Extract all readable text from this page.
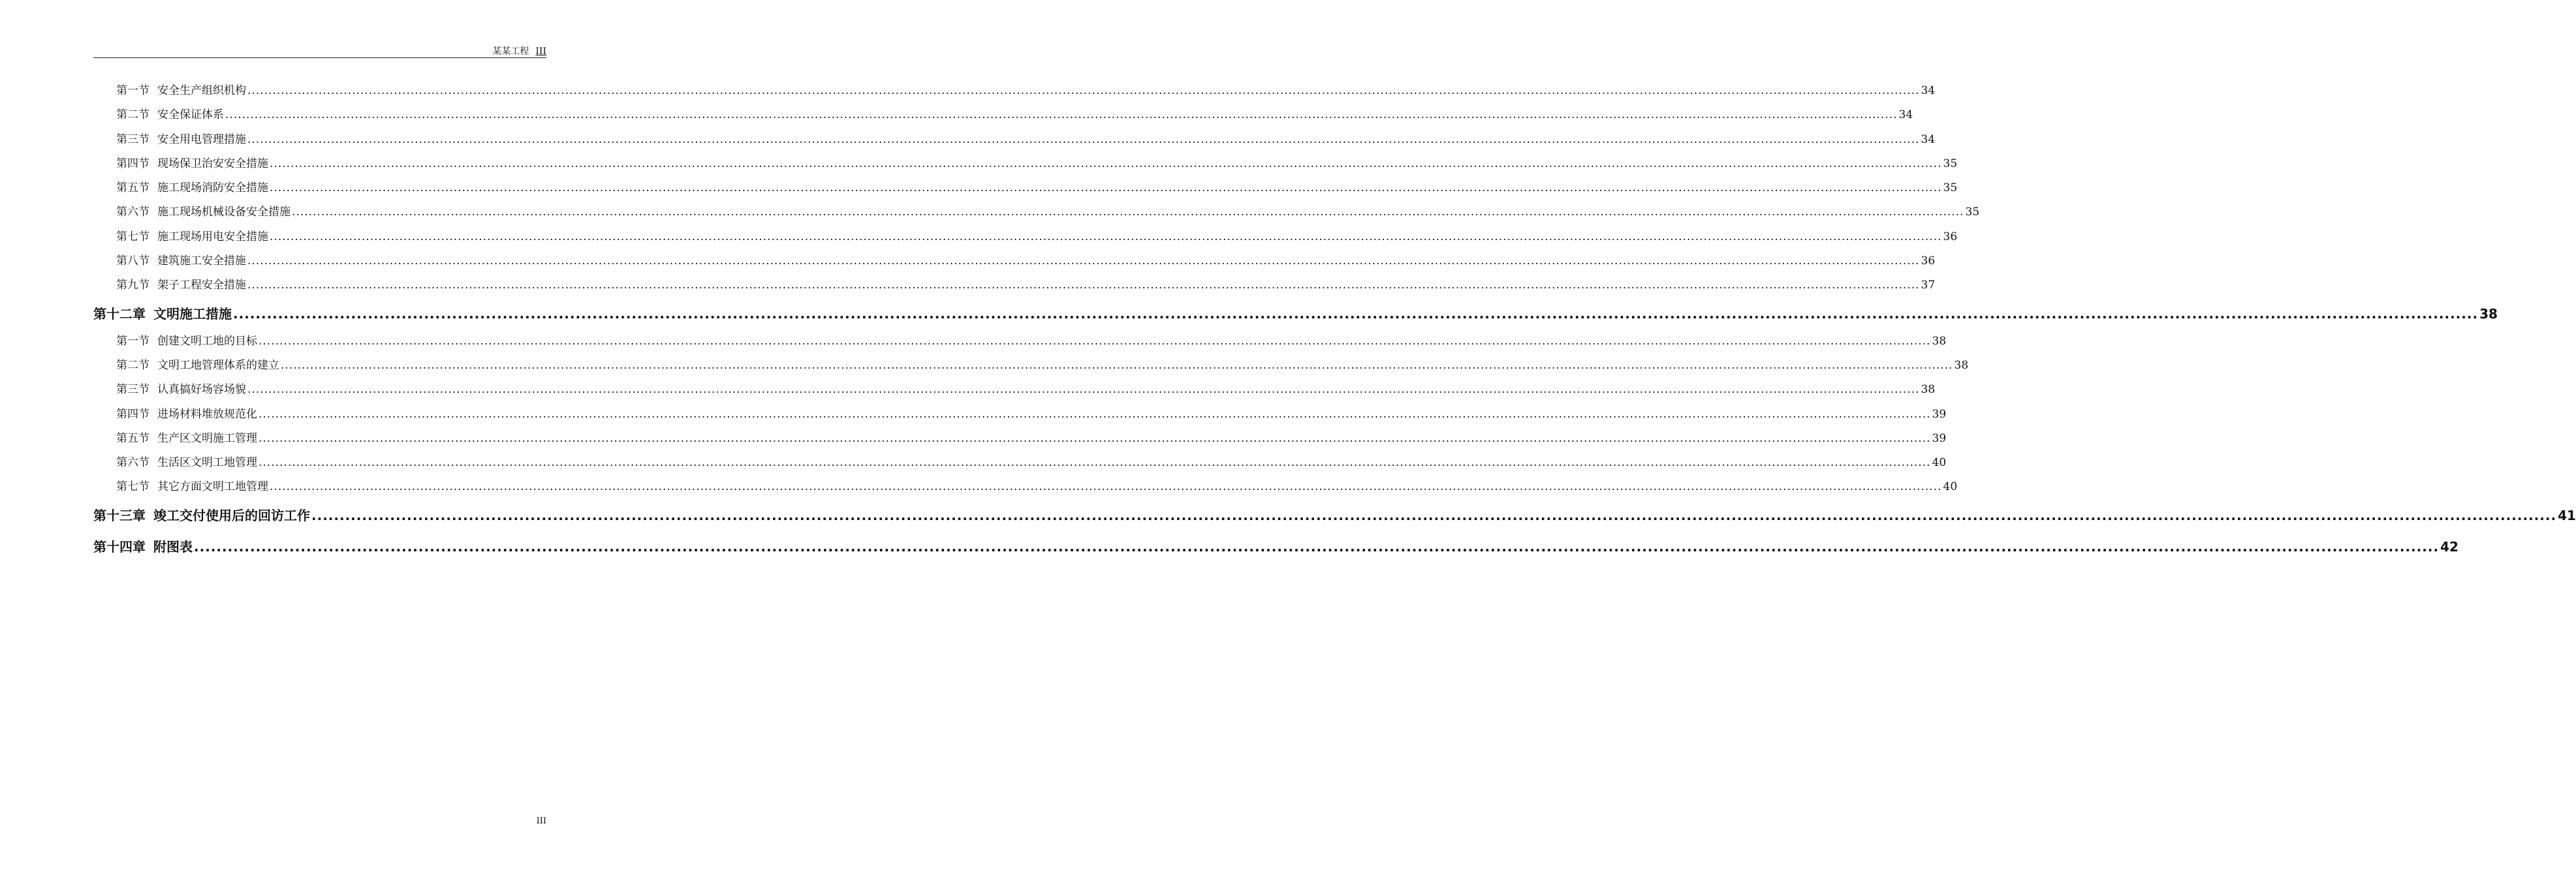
某某工程 III
第一节 安全生产组织机构 ................................................................................................................................................................................................................................................................................................................................................................................................................ 34
第二节 安全保证体系 ................................................................................................................................................................................................................................................................................................................................................................................................................ 34
第三节 安全用电管理措施 ................................................................................................................................................................................................................................................................................................................................................................................................................ 34
第四节 现场保卫治安安全措施 ................................................................................................................................................................................................................................................................................................................................................................................................................ 35
第五节 施工现场消防安全措施 ................................................................................................................................................................................................................................................................................................................................................................................................................ 35
第六节 施工现场机械设备安全措施 ................................................................................................................................................................................................................................................................................................................................................................................................................ 35
第七节 施工现场用电安全措施 ................................................................................................................................................................................................................................................................................................................................................................................................................ 36
第八节 建筑施工安全措施 ................................................................................................................................................................................................................................................................................................................................................................................................................ 36
第九节 架子工程安全措施 ................................................................................................................................................................................................................................................................................................................................................................................................................ 37
第十二章 文明施工措施 ................................................................................................................................................................................................................................................................................................................................................................................................................ 38
第一节 创建文明工地的目标 ................................................................................................................................................................................................................................................................................................................................................................................................................ 38
第二节 文明工地管理体系的建立 ................................................................................................................................................................................................................................................................................................................................................................................................................ 38
第三节 认真搞好场容场貌 ................................................................................................................................................................................................................................................................................................................................................................................................................ 38
第四节 进场材料堆放规范化 ................................................................................................................................................................................................................................................................................................................................................................................................................ 39
第五节 生产区文明施工管理 ................................................................................................................................................................................................................................................................................................................................................................................................................ 39
第六节 生活区文明工地管理 ................................................................................................................................................................................................................................................................................................................................................................................................................ 40
第七节 其它方面文明工地管理 ................................................................................................................................................................................................................................................................................................................................................................................................................ 40
第十三章 竣工交付使用后的回访工作 ................................................................................................................................................................................................................................................................................................................................................................................................................ 41
第十四章 附图表 ................................................................................................................................................................................................................................................................................................................................................................................................................ 42
III
